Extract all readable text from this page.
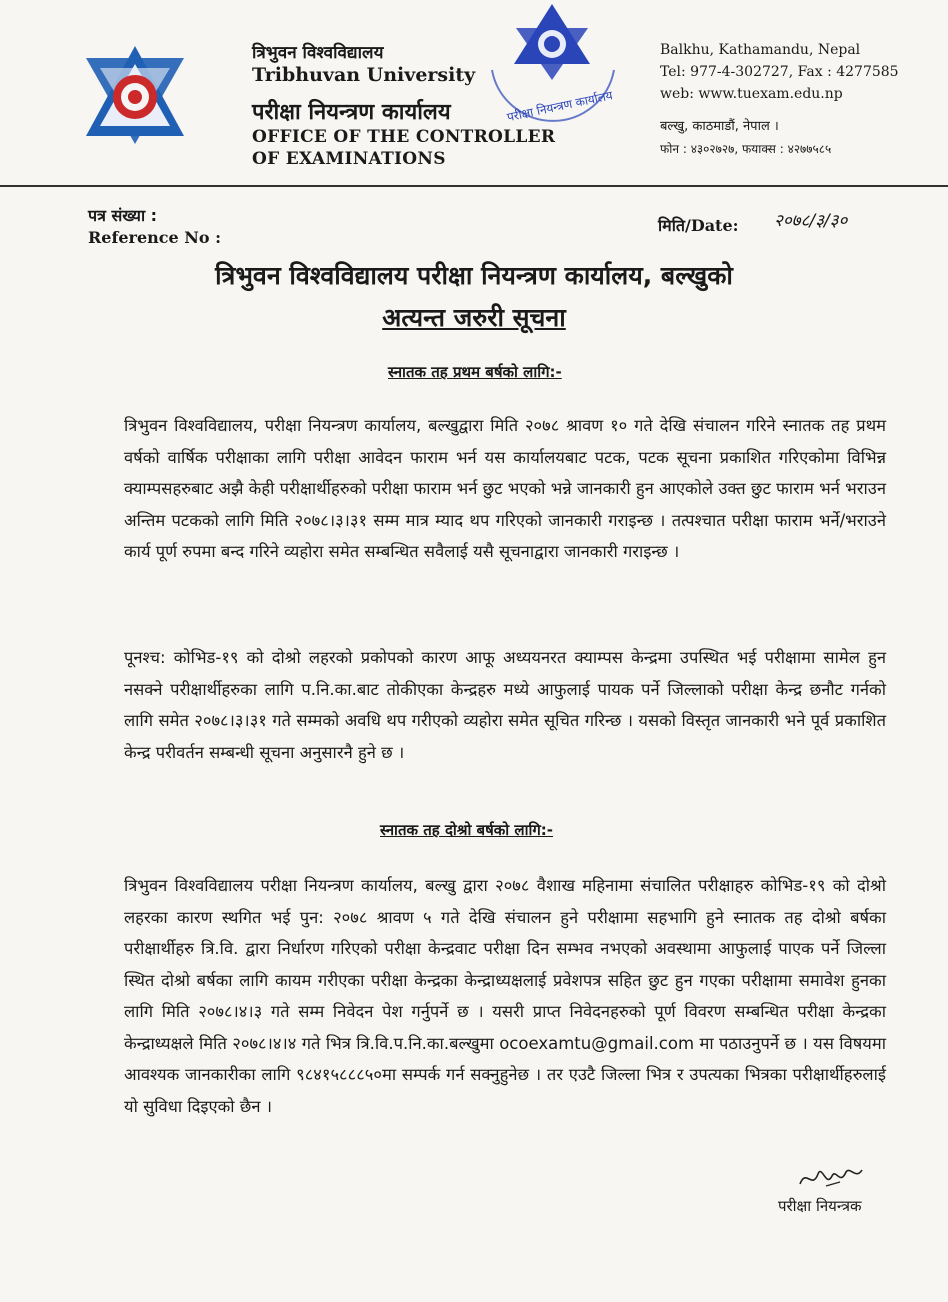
त्रिभुवन विश्वविद्यालय
Tribhuvan University
परीक्षा नियन्त्रण कार्यालय
OFFICE OF THE CONTROLLER
OF EXAMINATIONS
परीक्षा नियन्त्रण कार्यालय
Balkhu, Kathamandu, Nepal
Tel: 977-4-302727, Fax : 4277585
web: www.tuexam.edu.np
बल्खु, काठमाडौं, नेपाल ।
फोन : ४३०२७२७, फयाक्स : ४२७७५८५
पत्र संख्या :
Reference No :
मिति/Date: २०७८/३/३०
त्रिभुवन विश्वविद्यालय परीक्षा नियन्त्रण कार्यालय, बल्खुको
अत्यन्त जरुरी सूचना
स्नातक तह प्रथम बर्षको लागि:-
त्रिभुवन विश्वविद्यालय, परीक्षा नियन्त्रण कार्यालय, बल्खुद्वारा मिति २०७८ श्रावण १० गते देखि संचालन गरिने स्नातक तह प्रथम वर्षको वार्षिक परीक्षाका लागि परीक्षा आवेदन फाराम भर्न यस कार्यालयबाट पटक, पटक सूचना प्रकाशित गरिएकोमा विभिन्न क्याम्पसहरुबाट अझै केही परीक्षार्थीहरुको परीक्षा फाराम भर्न छुट भएको भन्ने जानकारी हुन आएकोले उक्त छुट फाराम भर्न भराउन अन्तिम पटकको लागि मिति २०७८।३।३१ सम्म मात्र म्याद थप गरिएको जानकारी गराइन्छ । तत्पश्चात परीक्षा फाराम भर्ने/भराउने कार्य पूर्ण रुपमा बन्द गरिने व्यहोरा समेत सम्बन्धित सवैलाई यसै सूचनाद्वारा जानकारी गराइन्छ ।
पूनश्च: कोभिड-१९ को दोश्रो लहरको प्रकोपको कारण आफू अध्ययनरत क्याम्पस केन्द्रमा उपस्थित भई परीक्षामा सामेल हुन नसक्ने परीक्षार्थीहरुका लागि प.नि.का.बाट तोकीएका केन्द्रहरु मध्ये आफुलाई पायक पर्ने जिल्लाको परीक्षा केन्द्र छनौट गर्नको लागि समेत २०७८।३।३१ गते सम्मको अवधि थप गरीएको व्यहोरा समेत सूचित गरिन्छ । यसको विस्तृत जानकारी भने पूर्व प्रकाशित केन्द्र परीवर्तन सम्बन्धी सूचना अनुसारनै हुने छ ।
स्नातक तह दोश्रो बर्षको लागि:-
त्रिभुवन विश्वविद्यालय परीक्षा नियन्त्रण कार्यालय, बल्खु द्वारा २०७८ वैशाख महिनामा संचालित परीक्षाहरु कोभिड-१९ को दोश्रो लहरका कारण स्थगित भई पुन: २०७८ श्रावण ५ गते देखि संचालन हुने परीक्षामा सहभागि हुने स्नातक तह दोश्रो बर्षका परीक्षार्थीहरु त्रि.वि. द्वारा निर्धारण गरिएको परीक्षा केन्द्रवाट परीक्षा दिन सम्भव नभएको अवस्थामा आफुलाई पाएक पर्ने जिल्ला स्थित दोश्रो बर्षका लागि कायम गरीएका परीक्षा केन्द्रका केन्द्राध्यक्षलाई प्रवेशपत्र सहित छुट हुन गएका परीक्षामा समावेश हुनका लागि मिति २०७८।४।३ गते सम्म निवेदन पेश गर्नुपर्ने छ । यसरी प्राप्त निवेदनहरुको पूर्ण विवरण सम्बन्धित परीक्षा केन्द्रका केन्द्राध्यक्षले मिति २०७८।४।४ गते भित्र त्रि.वि.प.नि.का.बल्खुमा ocoexamtu@gmail.com मा पठाउनुपर्ने छ । यस विषयमा आवश्यक जानकारीका लागि ९८४१५८८८५०मा सम्पर्क गर्न सक्नुहुनेछ । तर एउटै जिल्ला भित्र र उपत्यका भित्रका परीक्षार्थीहरुलाई यो सुविधा दिइएको छैन ।
परीक्षा नियन्त्रक
